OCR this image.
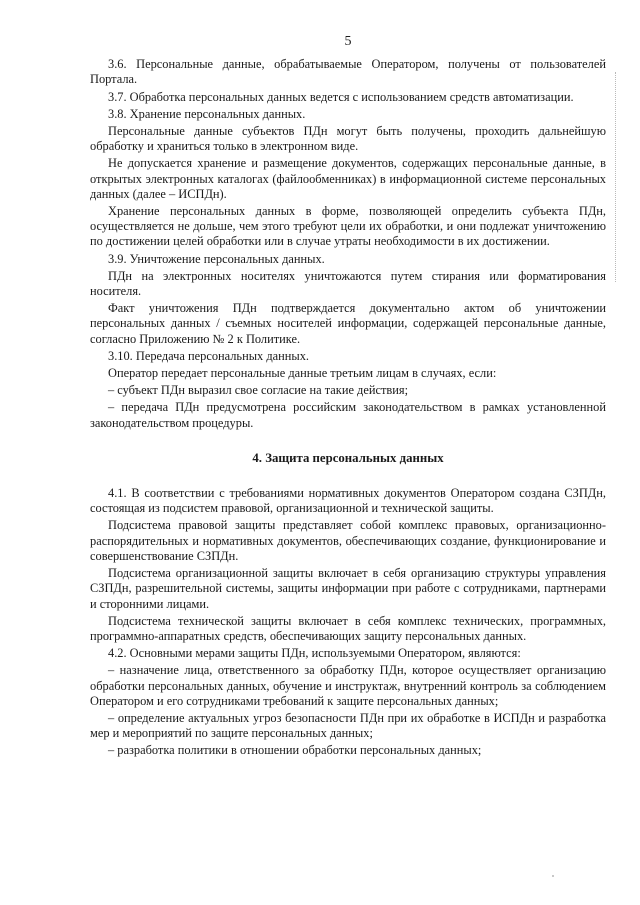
5

3.6. Персональные данные, обрабатываемые Оператором, получены от пользователей Портала.

3.7. Обработка персональных данных ведется с использованием средств автоматизации.

3.8. Хранение персональных данных.

Персональные данные субъектов ПДн могут быть получены, проходить дальнейшую обработку и храниться только в электронном виде.

Не допускается хранение и размещение документов, содержащих персональные данные, в открытых электронных каталогах (файлообменниках) в информационной системе персональных данных (далее – ИСПДн).

Хранение персональных данных в форме, позволяющей определить субъекта ПДн, осуществляется не дольше, чем этого требуют цели их обработки, и они подлежат уничтожению по достижении целей обработки или в случае утраты необходимости в их достижении.

3.9. Уничтожение персональных данных.

ПДн на электронных носителях уничтожаются путем стирания или форматирования носителя.

Факт уничтожения ПДн подтверждается документально актом об уничтожении персональных данных / съемных носителей информации, содержащей персональные данные, согласно Приложению № 2 к Политике.

3.10. Передача персональных данных.

Оператор передает персональные данные третьим лицам в случаях, если:

– субъект ПДн выразил свое согласие на такие действия;

– передача ПДн предусмотрена российским законодательством в рамках установленной законодательством процедуры.

4. Защита персональных данных

4.1. В соответствии с требованиями нормативных документов Оператором создана СЗПДн, состоящая из подсистем правовой, организационной и технической защиты.

Подсистема правовой защиты представляет собой комплекс правовых, организационно-распорядительных и нормативных документов, обеспечивающих создание, функционирование и совершенствование СЗПДн.

Подсистема организационной защиты включает в себя организацию структуры управления СЗПДн, разрешительной системы, защиты информации при работе с сотрудниками, партнерами и сторонними лицами.

Подсистема технической защиты включает в себя комплекс технических, программных, программно-аппаратных средств, обеспечивающих защиту персональных данных.

4.2. Основными мерами защиты ПДн, используемыми Оператором, являются:

– назначение лица, ответственного за обработку ПДн, которое осуществляет организацию обработки персональных данных, обучение и инструктаж, внутренний контроль за соблюдением Оператором и его сотрудниками требований к защите персональных данных;

– определение актуальных угроз безопасности ПДн при их обработке в ИСПДн и разработка мер и мероприятий по защите персональных данных;

– разработка политики в отношении обработки персональных данных;
